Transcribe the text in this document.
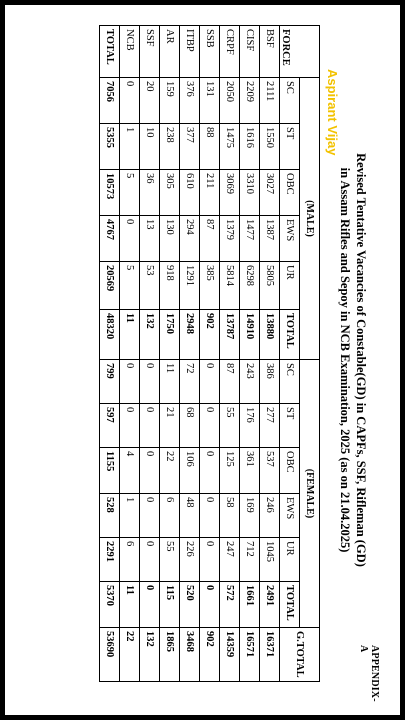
APPENDIX-A
Revised Tentative Vacancies of Constable(GD) in CAPFs, SSF, Rifleman (GD)
in Assam Rifles and Sepoy in NCB Examination, 2025 (as on 21.04.2025)
FORCE	(MALE)						(FEMALE)						G.TOTAL
	SC	ST	OBC	EWS	UR	TOTAL	SC	ST	OBC	EWS	UR	TOTAL	
BSF	2111	1550	3027	1387	5805	13880	386	277	537	246	1045	2491	16371
CISF	2209	1616	3310	1477	6298	14910	243	176	361	169	712	1661	16571
CRPF	2050	1475	3069	1379	5814	13787	87	55	125	58	247	572	14359
SSB	131	88	211	87	385	902	0	0	0	0	0	0	902
ITBP	376	377	610	294	1291	2948	72	68	106	48	226	520	3468
AR	159	238	305	130	918	1750	11	21	22	6	55	115	1865
SSF	20	10	36	13	53	132	0	0	0	0	0	0	132
NCB	0	1	5	0	5	11	0	0	4	1	6	11	22
TOTAL	7056	5355	10573	4767	20569	48320	799	597	1155	528	2291	5370	53690
Aspirant Vijay
